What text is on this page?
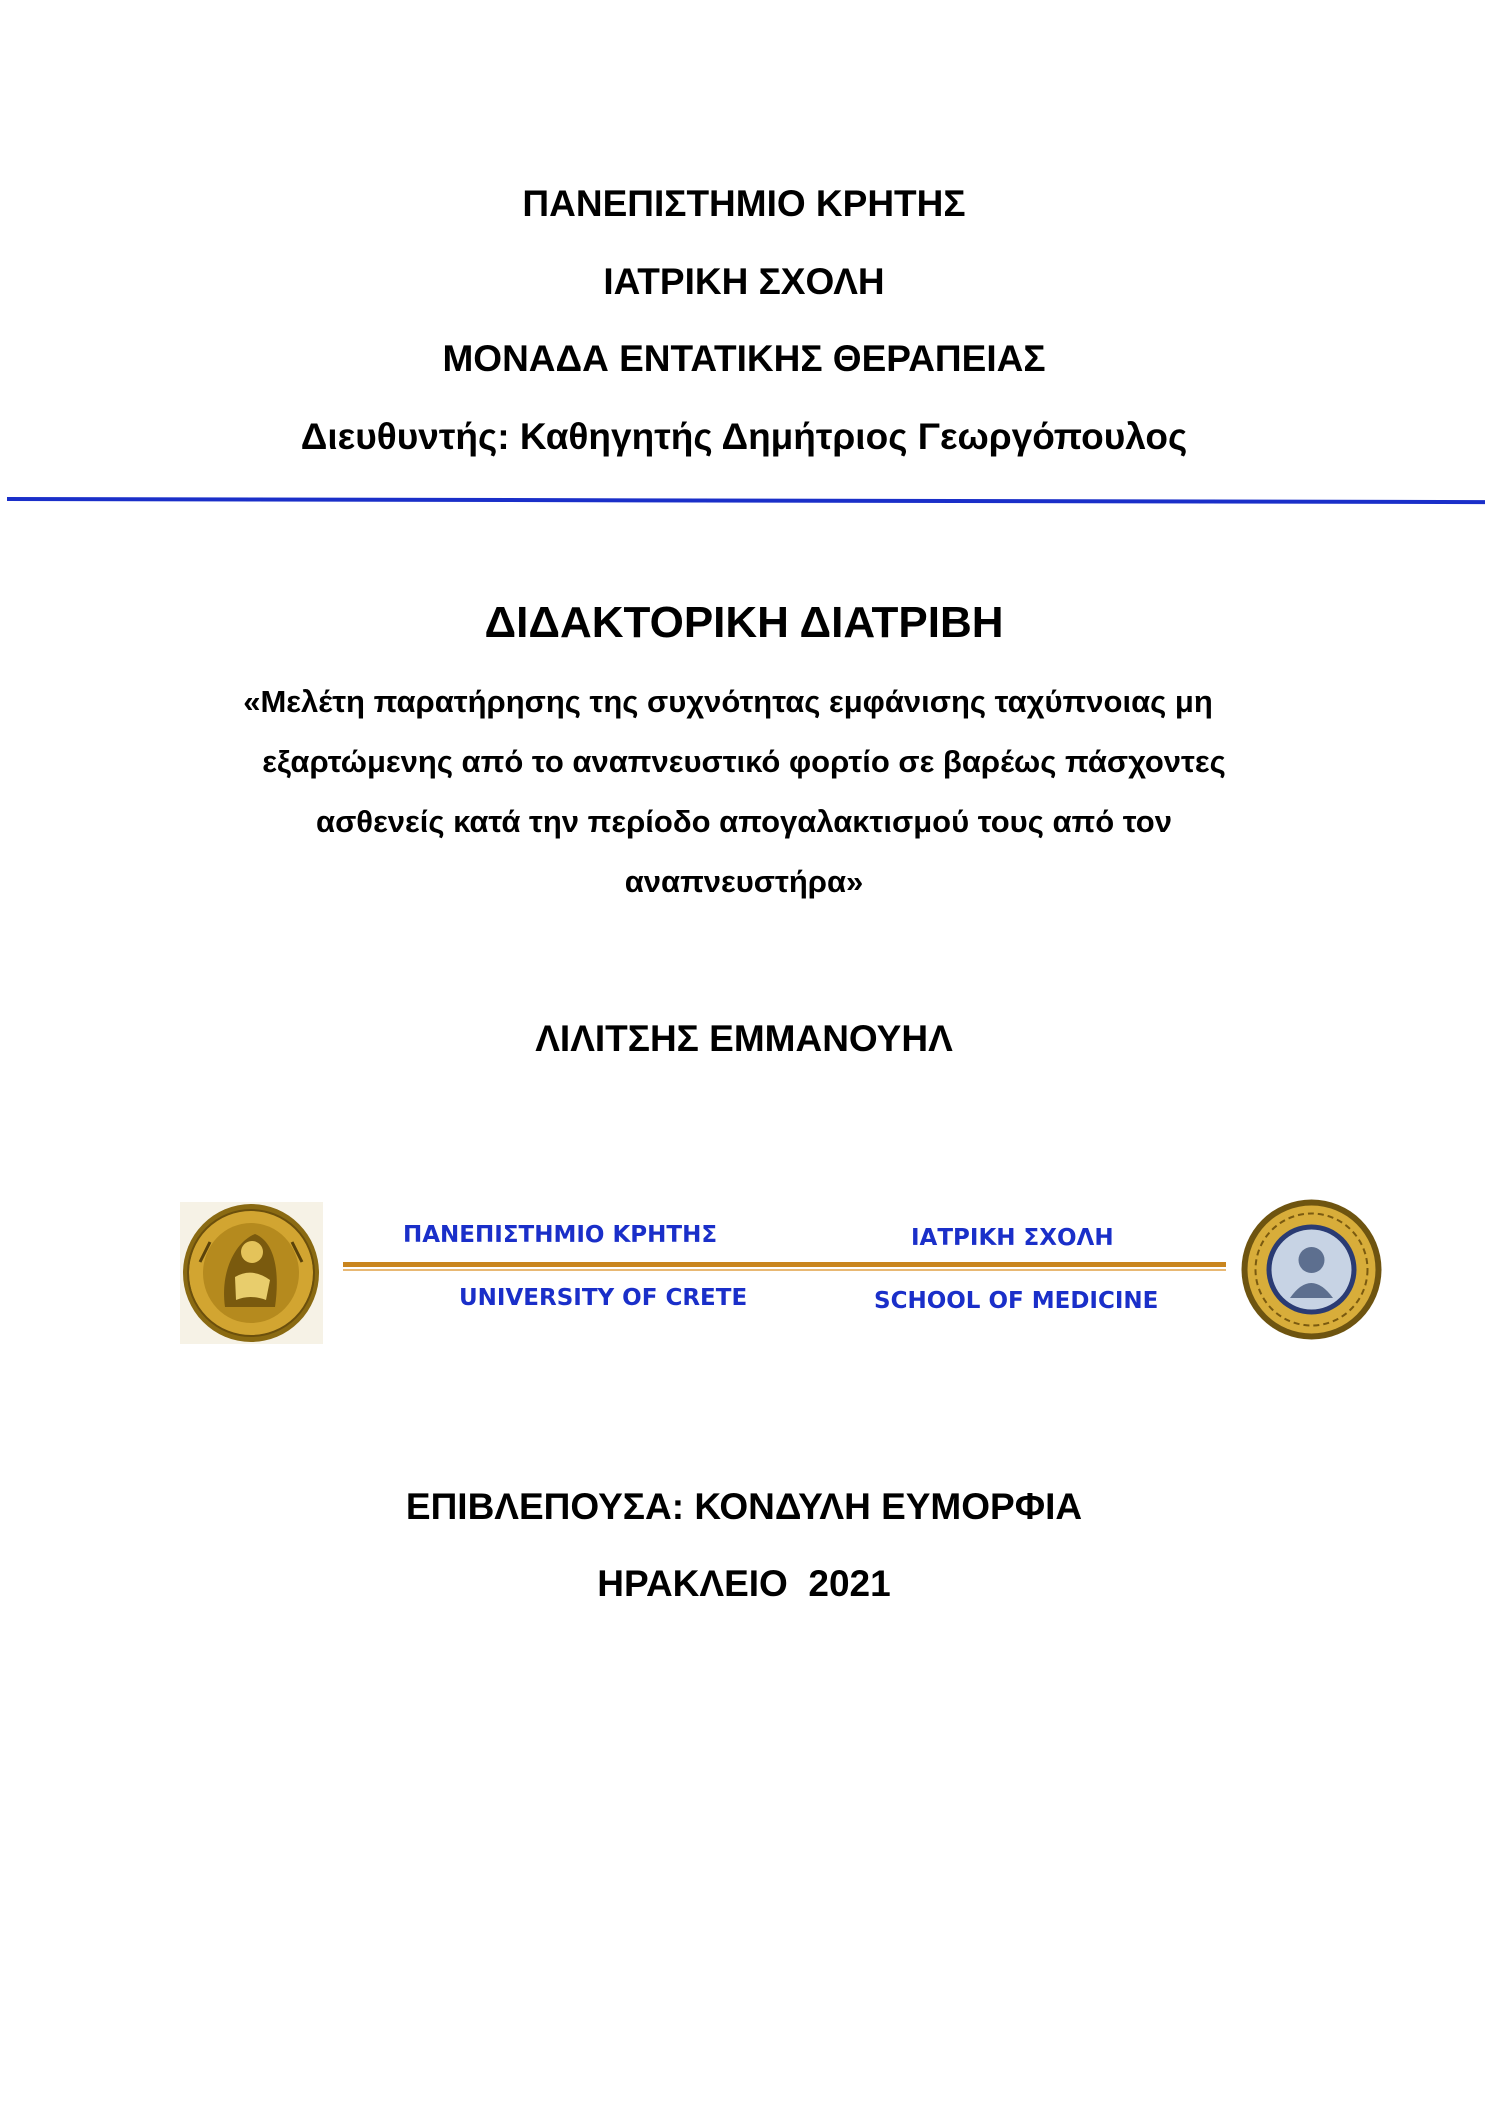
ΠΑΝΕΠΙΣΤΗΜΙΟ ΚΡΗΤΗΣ
ΙΑΤΡΙΚΗ ΣΧΟΛΗ
ΜΟΝΑΔΑ ΕΝΤΑΤΙΚΗΣ ΘΕΡΑΠΕΙΑΣ
Διευθυντής: Καθηγητής Δημήτριος Γεωργόπουλος
ΔΙΔΑΚΤΟΡΙΚΗ ΔΙΑΤΡΙΒΗ
«Μελέτη παρατήρησης της συχνότητας εμφάνισης ταχύπνοιας μη
εξαρτώμενης από το αναπνευστικό φορτίο σε βαρέως πάσχοντες
ασθενείς κατά την περίοδο απογαλακτισμού τους από τον
αναπνευστήρα»
ΛΙΛΙΤΣΗΣ ΕΜΜΑΝΟΥΗΛ
ΠΑΝΕΠΙΣΤΗΜΙΟ ΚΡΗΤΗΣ	ΙΑΤΡΙΚΗ ΣΧΟΛΗ
UNIVERSITY OF CRETE	SCHOOL OF MEDICINE
ΕΠΙΒΛΕΠΟΥΣΑ: ΚΟΝΔΥΛΗ ΕΥΜΟΡΦΙΑ
ΗΡΑΚΛΕΙΟ  2021
